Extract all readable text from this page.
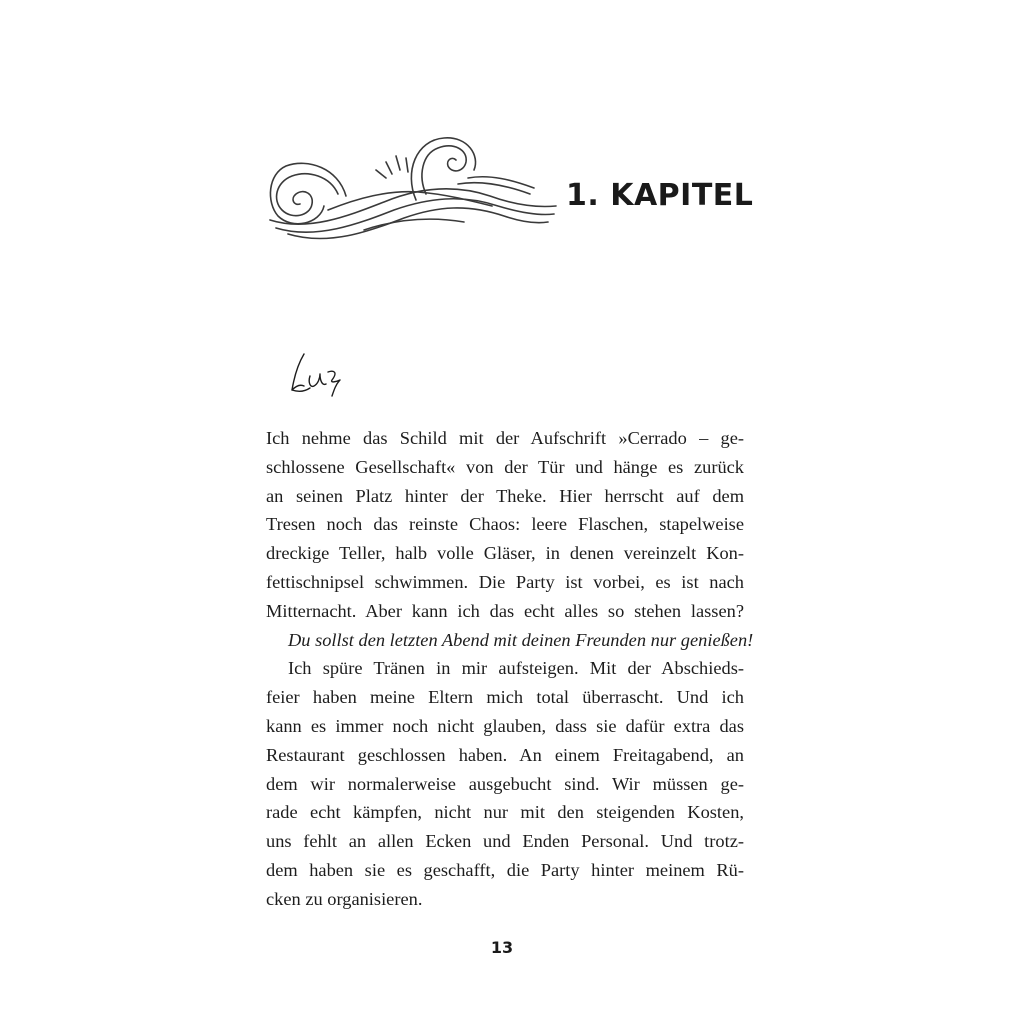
1. KAPITEL
Ich nehme das Schild mit der Aufschrift »Cerrado – ge-
schlossene Gesellschaft« von der Tür und hänge es zurück
an seinen Platz hinter der Theke. Hier herrscht auf dem
Tresen noch das reinste Chaos: leere Flaschen, stapelweise
dreckige Teller, halb volle Gläser, in denen vereinzelt Kon-
fettischnipsel schwimmen. Die Party ist vorbei, es ist nach
Mitternacht. Aber kann ich das echt alles so stehen lassen?
Du sollst den letzten Abend mit deinen Freunden nur genießen!
Ich spüre Tränen in mir aufsteigen. Mit der Abschieds-
feier haben meine Eltern mich total überrascht. Und ich
kann es immer noch nicht glauben, dass sie dafür extra das
Restaurant geschlossen haben. An einem Freitagabend, an
dem wir normalerweise ausgebucht sind. Wir müssen ge-
rade echt kämpfen, nicht nur mit den steigenden Kosten,
uns fehlt an allen Ecken und Enden Personal. Und trotz-
dem haben sie es geschafft, die Party hinter meinem Rü-
cken zu organisieren.
13
